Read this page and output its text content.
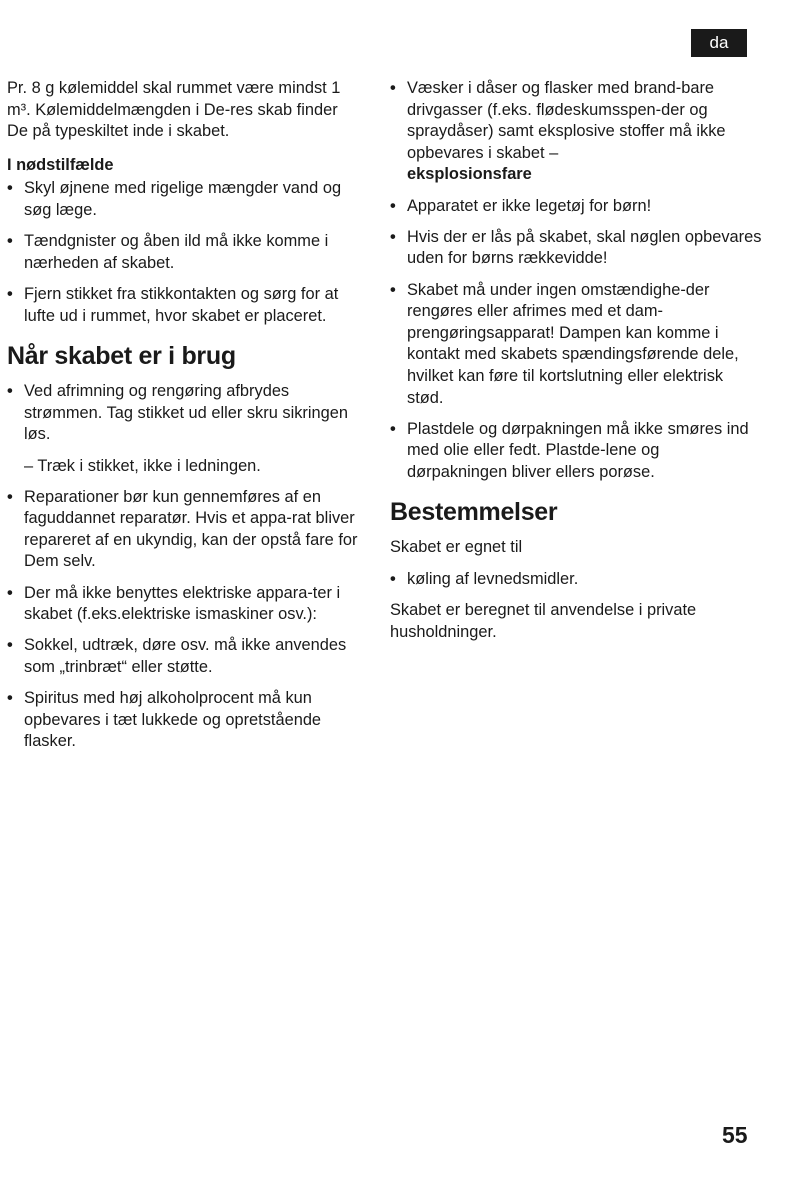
da

Pr. 8 g kølemiddel skal rummet være mindst 1 m³. Kølemiddelmængden i De-res skab finder De på typeskiltet inde i skabet.

I nødstilfælde
• Skyl øjnene med rigelige mængder vand og søg læge.
• Tændgnister og åben ild må ikke komme i nærheden af skabet.
• Fjern stikket fra stikkontakten og sørg for at lufte ud i rummet, hvor skabet er placeret.
Når skabet er i brug
• Ved afrimning og rengøring afbrydes strømmen. Tag stikket ud eller skru sikringen løs.

– Træk i stikket, ikke i ledningen.

• Reparationer bør kun gennemføres af en faguddannet reparatør. Hvis et appa-rat bliver repareret af en ukyndig, kan der opstå fare for Dem selv.
• Der må ikke benyttes elektriske appara-ter i skabet (f.eks.elektriske ismaskiner osv.):
• Sokkel, udtræk, døre osv. må ikke anvendes som „trinbræt“ eller støtte.
• Spiritus med høj alkoholprocent må kun opbevares i tæt lukkede og opretstående flasker.
• Væsker i dåser og flasker med brand-bare drivgasser (f.eks. flødeskumsspen-der og spraydåser) samt eksplosive stoffer må ikke opbevares i skabet –
eksplosionsfare
• Apparatet er ikke legetøj for børn!
• Hvis der er lås på skabet, skal nøglen opbevares uden for børns rækkevidde!
• Skabet må under ingen omstændighe-der rengøres eller afrimes med et dam-prengøringsapparat! Dampen kan komme i kontakt med skabets spændingsførende dele, hvilket kan føre til kortslutning eller elektrisk stød.
• Plastdele og dørpakningen må ikke smøres ind med olie eller fedt. Plastde-lene og dørpakningen bliver ellers porøse.
Bestemmelser

Skabet er egnet til

• køling af levnedsmidler.

Skabet er beregnet til anvendelse i private husholdninger.

55
